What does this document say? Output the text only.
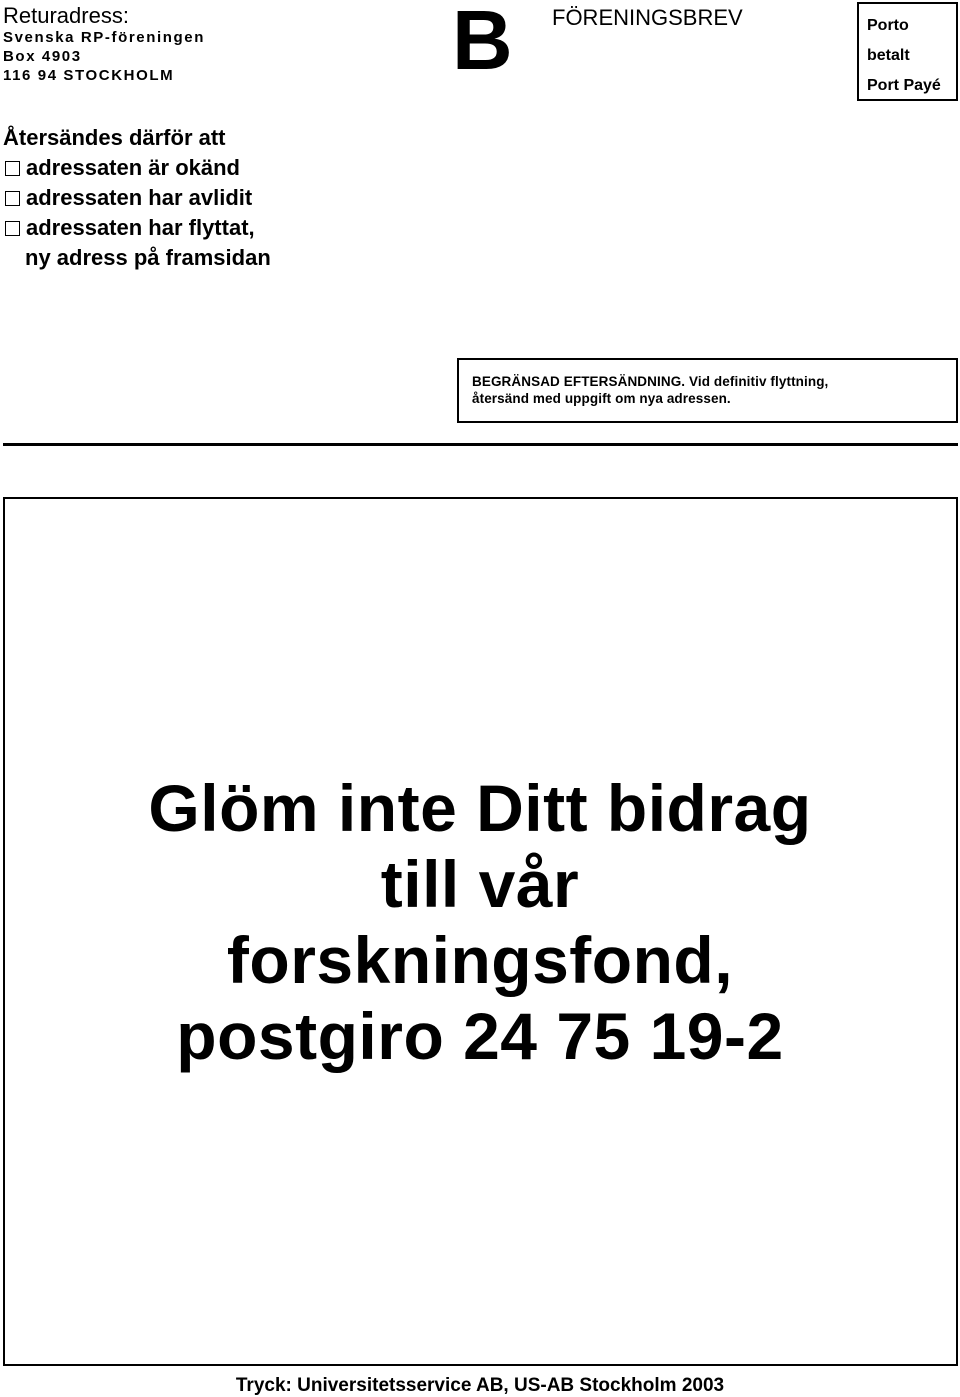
Returadress:
Svenska RP-föreningen
Box 4903
116 94 STOCKHOLM	B FÖRENINGSBREV	Porto
betalt
Port Payé
Återsändes därför att
adressaten är okänd
adressaten har avlidit
adressaten har flyttat,
ny adress på framsidan
BEGRÄNSAD EFTERSÄNDNING. Vid definitiv flyttning,
återsänd med uppgift om nya adressen.
Glöm inte Ditt bidrag
till vår
forskningsfond,
postgiro 24 75 19-2
Tryck: Universitetsservice AB, US-AB Stockholm 2003
